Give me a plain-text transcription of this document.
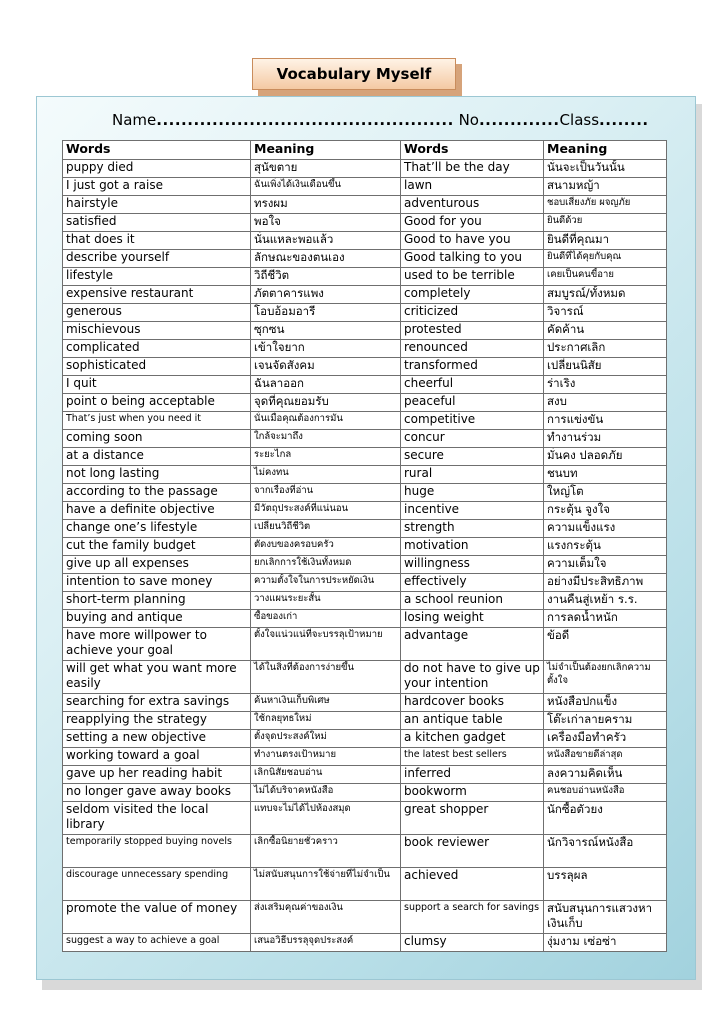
Vocabulary Myself
Name................................................ No.............Class........
Words	Meaning	Words	Meaning
puppy died	สุนัขตาย	That’ll be the day	นั่นจะเป็นวันนั้น
I just got a raise	ฉันเพิ่งได้เงินเดือนขึ้น	lawn	สนามหญ้า
hairstyle	ทรงผม	adventurous	ชอบเสี่ยงภัย ผจญภัย
satisfied	พอใจ	Good for you	ยินดีด้วย
that does it	นั่นแหละพอแล้ว	Good to have you	ยินดีที่คุณมา
describe yourself	ลักษณะของตนเอง	Good talking to you	ยินดีที่ได้คุยกับคุณ
lifestyle	วิถีชีวิต	used to be terrible	เคยเป็นคนขี้อาย
expensive restaurant	ภัตตาคารแพง	completely	สมบูรณ์/ทั้งหมด
generous	โอบอ้อมอารี	criticized	วิจารณ์
mischievous	ซุกซน	protested	คัดค้าน
complicated	เข้าใจยาก	renounced	ประกาศเลิก
sophisticated	เจนจัดสังคม	transformed	เปลี่ยนนิสัย
I quit	ฉันลาออก	cheerful	ร่าเริง
point o being acceptable	จุดที่คุณยอมรับ	peaceful	สงบ
That’s just when you need it	นั่นเมื่อคุณต้องการมัน	competitive	การแข่งขัน
coming soon	ใกล้จะมาถึง	concur	ทำงานร่วม
at a distance	ระยะไกล	secure	มั่นคง ปลอดภัย
not long lasting	ไม่คงทน	rural	ชนบท
according to the passage	จากเรื่องที่อ่าน	huge	ใหญ่โต
have a definite objective	มีวัตถุประสงค์ที่แน่นอน	incentive	กระตุ้น จูงใจ
change one’s lifestyle	เปลี่ยนวิถีชีวิต	strength	ความแข็งแรง
cut the family budget	ตัดงบของครอบครัว	motivation	แรงกระตุ้น
give up all expenses	ยกเลิกการใช้เงินทั้งหมด	willingness	ความเต็มใจ
intention to save money	ความตั้งใจในการประหยัดเงิน	effectively	อย่างมีประสิทธิภาพ
short-term planning	วางแผนระยะสั้น	a school reunion	งานคืนสู่เหย้า ร.ร.
buying and antique	ซื้อของเก่า	losing weight	การลดน้ำหนัก
have more willpower to achieve your goal	ตั้งใจแน่วแน่ที่จะบรรลุเป้าหมาย	advantage	ข้อดี
will get what you want more easily	ได้ในสิ่งที่ต้องการง่ายขึ้น	do not have to give up your intention	ไม่จำเป็นต้องยกเลิกความตั้งใจ
searching for extra savings	ค้นหาเงินเก็บพิเศษ	hardcover books	หนังสือปกแข็ง
reapplying the strategy	ใช้กลยุทธใหม่	an antique table	โต๊ะเก่าลายคราม
setting a new objective	ตั้งจุดประสงค์ใหม่	a kitchen gadget	เครื่องมือทำครัว
working toward a goal	ทำงานตรงเป้าหมาย	the latest best sellers	หนังสือขายดีล่าสุด
gave up her reading habit	เลิกนิสัยชอบอ่าน	inferred	ลงความคิดเห็น
no longer gave away books	ไม่ได้บริจาคหนังสือ	bookworm	คนชอบอ่านหนังสือ
seldom visited the local library	แทบจะไม่ได้ไปห้องสมุด	great shopper	นักซื้อตัวยง
temporarily stopped buying novels	เลิกซื้อนิยายชั่วคราว	book reviewer	นักวิจารณ์หนังสือ
discourage unnecessary spending	ไม่สนับสนุนการใช้จ่ายที่ไม่จำเป็น	achieved	บรรลุผล
promote the value of money	ส่งเสริมคุณค่าของเงิน	support a search for savings	สนับสนุนการแสวงหาเงินเก็บ
suggest a way to achieve a goal	เสนอวิธีบรรลุจุดประสงค์	clumsy	งุ่มงาม เซ่อซ่า
